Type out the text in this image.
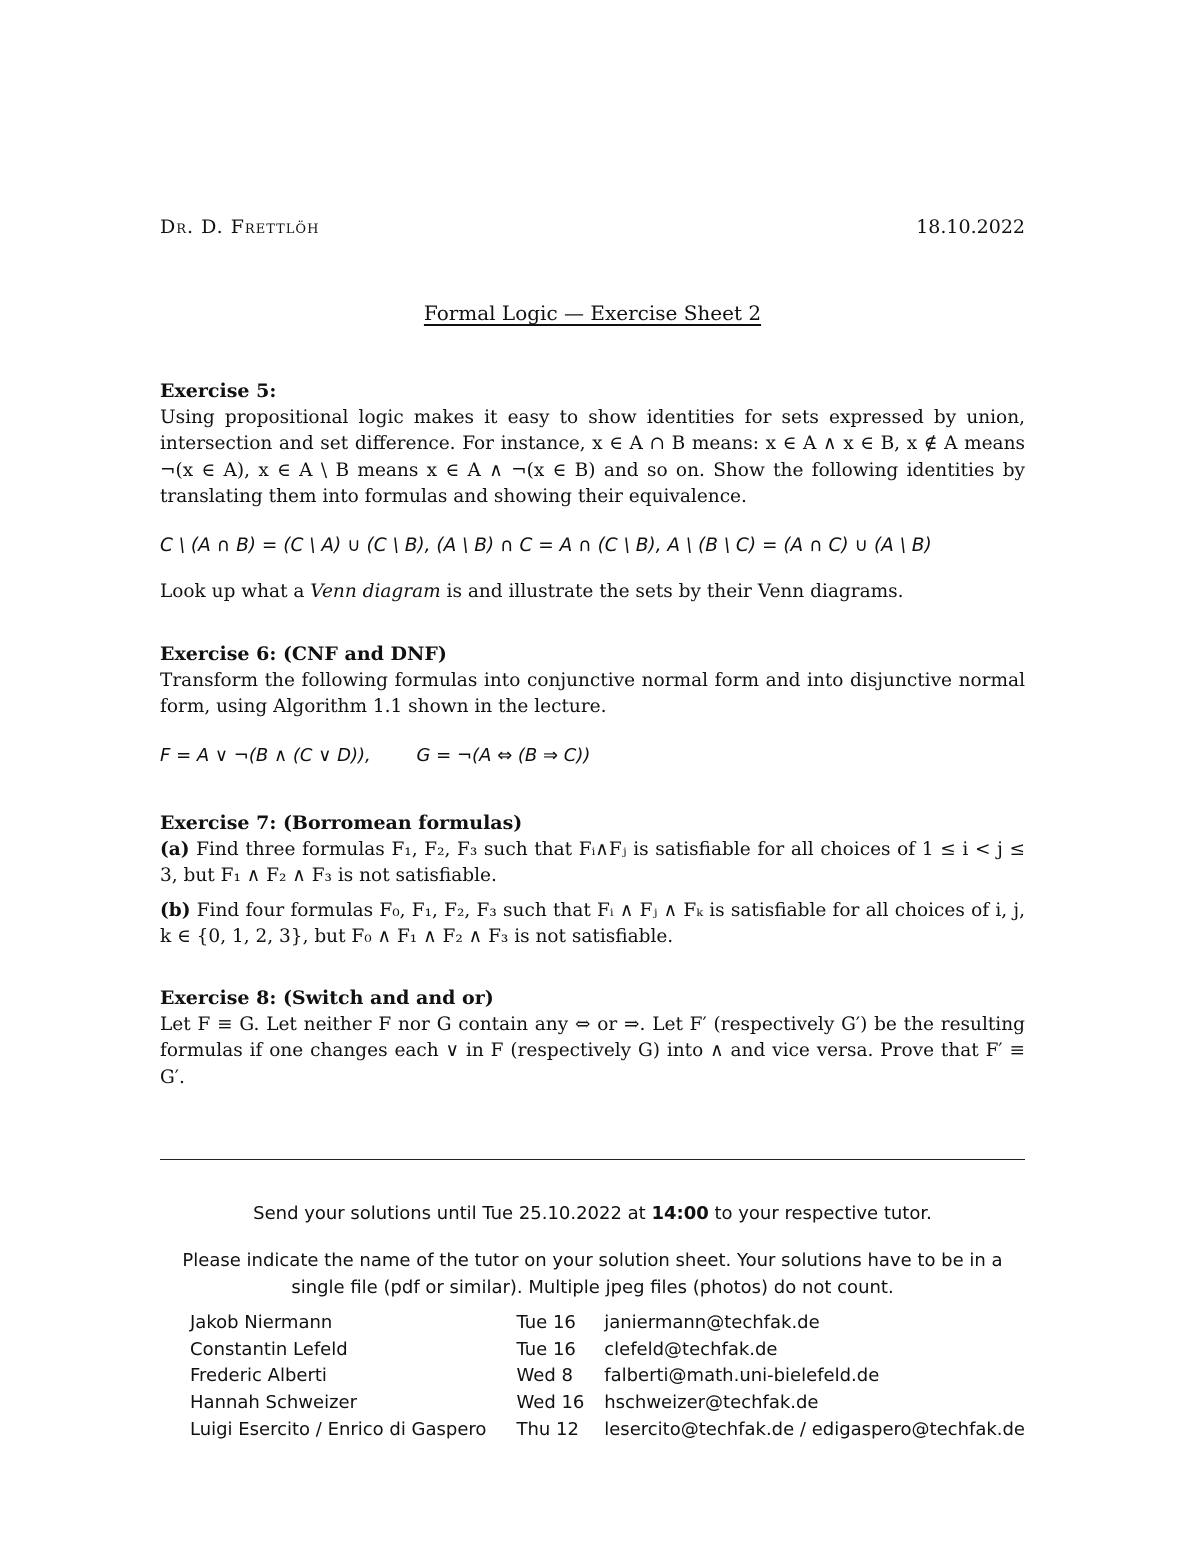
Dr. D. Frettlöh	18.10.2022
Formal Logic — Exercise Sheet 2
Exercise 5:

Using propositional logic makes it easy to show identities for sets expressed by union, intersection and set difference. For instance, x ∈ A ∩ B means: x ∈ A ∧ x ∈ B, x ∉ A means ¬(x ∈ A), x ∈ A \ B means x ∈ A ∧ ¬(x ∈ B) and so on. Show the following identities by translating them into formulas and showing their equivalence.

C \ (A ∩ B) = (C \ A) ∪ (C \ B), (A \ B) ∩ C = A ∩ (C \ B), A \ (B \ C) = (A ∩ C) ∪ (A \ B)

Look up what a Venn diagram is and illustrate the sets by their Venn diagrams.

Exercise 6: (CNF and DNF)

Transform the following formulas into conjunctive normal form and into disjunctive normal form, using Algorithm 1.1 shown in the lecture.

F = A ∨ ¬(B ∧ (C ∨ D)),        G = ¬(A ⇔ (B ⇒ C))

Exercise 7: (Borromean formulas)

(a) Find three formulas F₁, F₂, F₃ such that Fᵢ∧Fⱼ is satisfiable for all choices of 1 ≤ i < j ≤ 3, but F₁ ∧ F₂ ∧ F₃ is not satisfiable.

(b) Find four formulas F₀, F₁, F₂, F₃ such that Fᵢ ∧ Fⱼ ∧ Fₖ is satisfiable for all choices of i, j, k ∈ {0, 1, 2, 3}, but F₀ ∧ F₁ ∧ F₂ ∧ F₃ is not satisfiable.

Exercise 8: (Switch and and or)

Let F ≡ G. Let neither F nor G contain any ⇔ or ⇒. Let F′ (respectively G′) be the resulting formulas if one changes each ∨ in F (respectively G) into ∧ and vice versa. Prove that F′ ≡ G′.

Send your solutions until Tue 25.10.2022 at 14:00 to your respective tutor.
Please indicate the name of the tutor on your solution sheet. Your solutions have to be in a single file (pdf or similar). Multiple jpeg files (photos) do not count.
Jakob Niermann	Tue 16	janiermann@techfak.de
Constantin Lefeld	Tue 16	clefeld@techfak.de
Frederic Alberti	Wed 8	falberti@math.uni-bielefeld.de
Hannah Schweizer	Wed 16	hschweizer@techfak.de
Luigi Esercito / Enrico di Gaspero	Thu 12	lesercito@techfak.de / edigaspero@techfak.de
